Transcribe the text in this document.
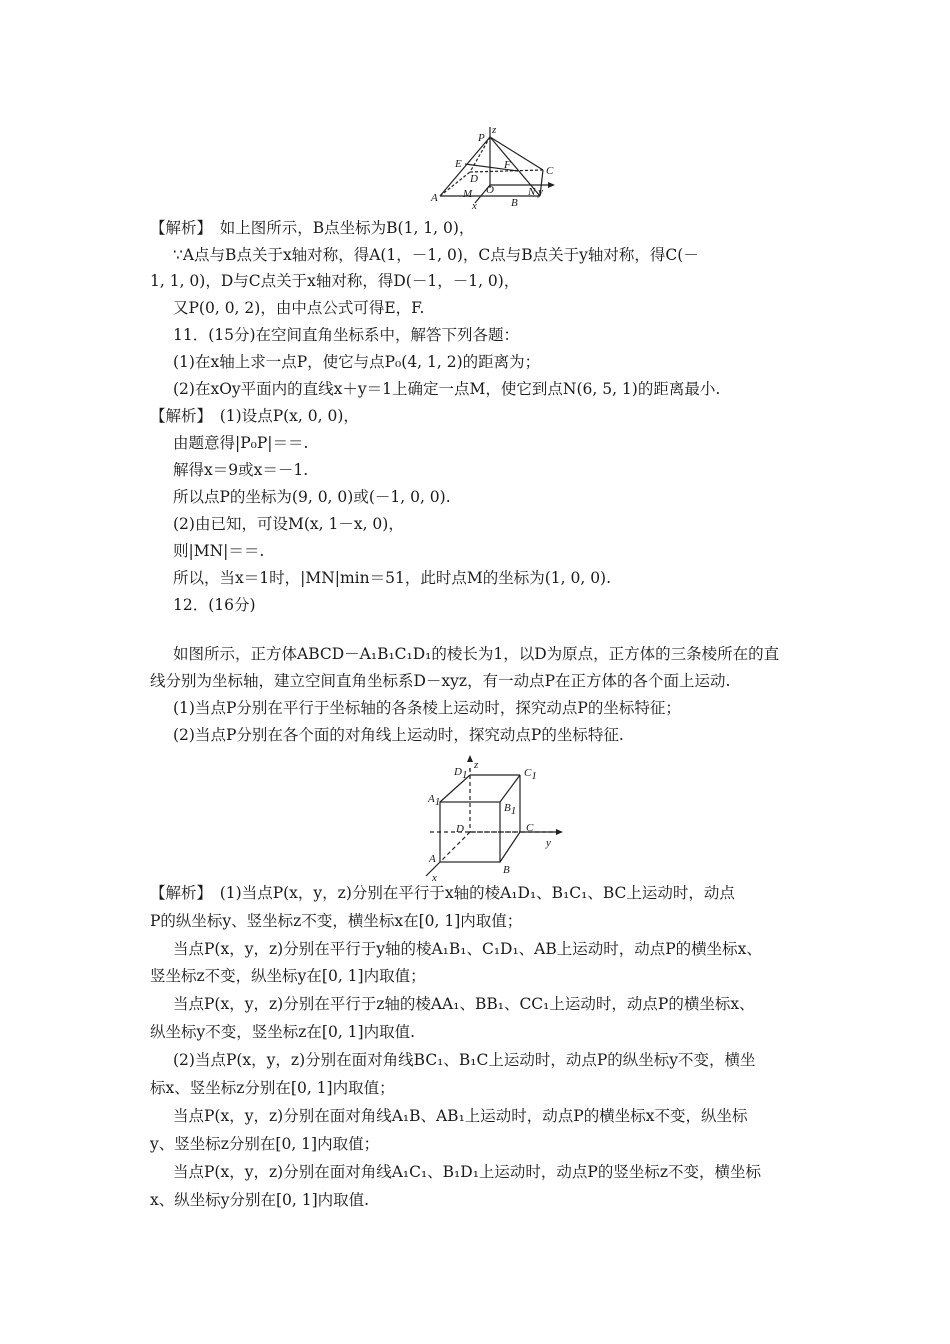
P
z
E	F	C
D
O
A M	N y
B
x
D1
z
C1
A1	B1
D	C
y
A
B
x
【解析】　如上图所示，B点坐标为B(1, 1, 0)，
∵A点与B点关于x轴对称，得A(1，－1, 0)，C点与B点关于y轴对称，得C(－
1, 1, 0)，D与C点关于x轴对称，得D(－1，－1, 0)，
又P(0, 0, 2)，由中点公式可得E，F.
11．(15分)在空间直角坐标系中，解答下列各题：
(1)在x轴上求一点P，使它与点P₀(4, 1, 2)的距离为；
(2)在xOy平面内的直线x＋y＝1上确定一点M，使它到点N(6, 5, 1)的距离最小.
【解析】　(1)设点P(x, 0, 0)，
由题意得|P₀P|＝＝.
解得x＝9或x＝－1.
所以点P的坐标为(9, 0, 0)或(－1, 0, 0).
(2)由已知，可设M(x, 1－x, 0)，
则|MN|＝＝.
所以，当x＝1时，|MN|min＝51，此时点M的坐标为(1, 0, 0).
12．(16分)
如图所示，正方体ABCD－A₁B₁C₁D₁的棱长为1，以D为原点，正方体的三条棱所在的直
线分别为坐标轴，建立空间直角坐标系D－xyz，有一动点P在正方体的各个面上运动.
(1)当点P分别在平行于坐标轴的各条棱上运动时，探究动点P的坐标特征；
(2)当点P分别在各个面的对角线上运动时，探究动点P的坐标特征.
【解析】　(1)当点P(x，y，z)分别在平行于x轴的棱A₁D₁、B₁C₁、BC上运动时，动点
P的纵坐标y、竖坐标z不变，横坐标x在[0, 1]内取值；
当点P(x，y，z)分别在平行于y轴的棱A₁B₁、C₁D₁、AB上运动时，动点P的横坐标x、
竖坐标z不变，纵坐标y在[0, 1]内取值；
当点P(x，y，z)分别在平行于z轴的棱AA₁、BB₁、CC₁上运动时，动点P的横坐标x、
纵坐标y不变，竖坐标z在[0, 1]内取值.
(2)当点P(x，y，z)分别在面对角线BC₁、B₁C上运动时，动点P的纵坐标y不变，横坐
标x、竖坐标z分别在[0, 1]内取值；
当点P(x，y，z)分别在面对角线A₁B、AB₁上运动时，动点P的横坐标x不变，纵坐标
y、竖坐标z分别在[0, 1]内取值；
当点P(x，y，z)分别在面对角线A₁C₁、B₁D₁上运动时，动点P的竖坐标z不变，横坐标
x、纵坐标y分别在[0, 1]内取值.
